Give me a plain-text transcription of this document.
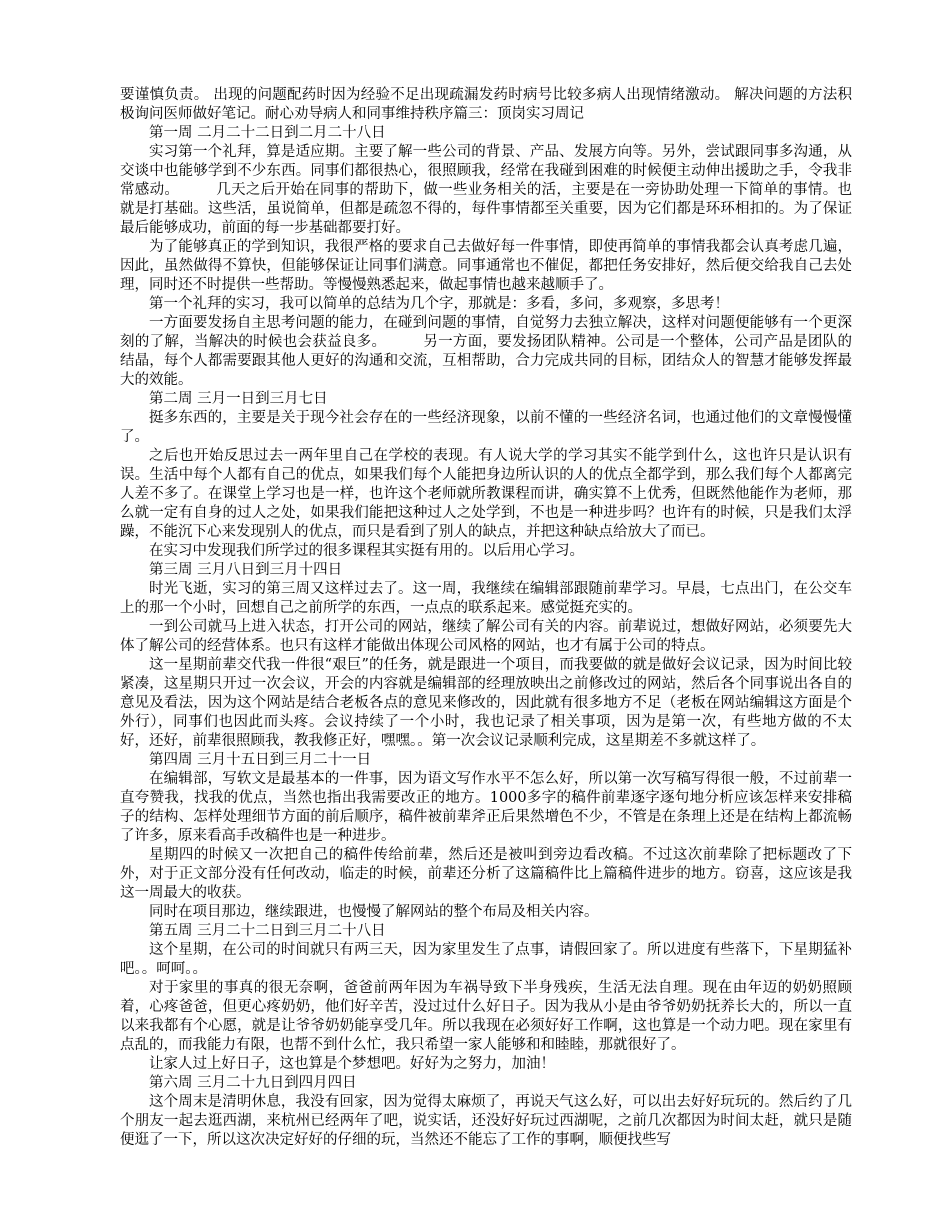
要谨慎负责。 出现的问题配药时因为经验不足出现疏漏发药时病号比较多病人出现情绪激动。 解决问题的方法积极询问医师做好笔记。耐心劝导病人和同事维持秩序篇三：顶岗实习周记

第一周 二月二十二日到二月二十八日

实习第一个礼拜，算是适应期。主要了解一些公司的背景、产品、发展方向等。另外，尝试跟同事多沟通，从交谈中也能够学到不少东西。同事们都很热心，很照顾我，经常在我碰到困难的时候便主动伸出援助之手，令我非常感动。　　　几天之后开始在同事的帮助下，做一些业务相关的活，主要是在一旁协助处理一下简单的事情。也就是打基础。这些活，虽说简单，但都是疏忽不得的，每件事情都至关重要，因为它们都是环环相扣的。为了保证最后能够成功，前面的每一步基础都要打好。

为了能够真正的学到知识，我很严格的要求自己去做好每一件事情，即使再简单的事情我都会认真考虑几遍，因此，虽然做得不算快，但能够保证让同事们满意。同事通常也不催促，都把任务安排好，然后便交给我自己去处理，同时还不时提供一些帮助。等慢慢熟悉起来，做起事情也越来越顺手了。

第一个礼拜的实习，我可以简单的总结为几个字，那就是：多看，多问，多观察，多思考！

一方面要发扬自主思考问题的能力，在碰到问题的事情，自觉努力去独立解决，这样对问题便能够有一个更深刻的了解，当解决的时候也会获益良多。　　　另一方面，要发扬团队精神。公司是一个整体，公司产品是团队的结晶，每个人都需要跟其他人更好的沟通和交流，互相帮助，合力完成共同的目标，团结众人的智慧才能够发挥最大的效能。

第二周 三月一日到三月七日

挺多东西的，主要是关于现今社会存在的一些经济现象，以前不懂的一些经济名词，也通过他们的文章慢慢懂了。

之后也开始反思过去一两年里自己在学校的表现。有人说大学的学习其实不能学到什么，这也许只是认识有误。生活中每个人都有自己的优点，如果我们每个人能把身边所认识的人的优点全都学到，那么我们每个人都离完人差不多了。在课堂上学习也是一样，也许这个老师就所教课程而讲，确实算不上优秀，但既然他能作为老师，那么就一定有自身的过人之处，如果我们能把这种过人之处学到，不也是一种进步吗？也许有的时候，只是我们太浮躁，不能沉下心来发现别人的优点，而只是看到了别人的缺点，并把这种缺点给放大了而已。

在实习中发现我们所学过的很多课程其实挺有用的。以后用心学习。

第三周 三月八日到三月十四日

时光飞逝，实习的第三周又这样过去了。这一周，我继续在编辑部跟随前辈学习。早晨，七点出门，在公交车上的那一个小时，回想自己之前所学的东西，一点点的联系起来。感觉挺充实的。

一到公司就马上进入状态，打开公司的网站，继续了解公司有关的内容。前辈说过，想做好网站，必须要先大体了解公司的经营体系。也只有这样才能做出体现公司风格的网站，也才有属于公司的特点。

这一星期前辈交代我一件很“艰巨”的任务，就是跟进一个项目，而我要做的就是做好会议记录，因为时间比较紧凑，这星期只开过一次会议，开会的内容就是编辑部的经理放映出之前修改过的网站，然后各个同事说出各自的意见及看法，因为这个网站是结合老板各点的意见来修改的，因此就有很多地方不足（老板在网站编辑这方面是个外行），同事们也因此而头疼。会议持续了一个小时，我也记录了相关事项，因为是第一次，有些地方做的不太好，还好，前辈很照顾我，教我修正好，嘿嘿。。第一次会议记录顺利完成，这星期差不多就这样了。

第四周 三月十五日到三月二十一日

在编辑部，写软文是最基本的一件事，因为语文写作水平不怎么好，所以第一次写稿写得很一般，不过前辈一直夸赞我，找我的优点，当然也指出我需要改正的地方。1000多字的稿件前辈逐字逐句地分析应该怎样来安排稿子的结构、怎样处理细节方面的前后顺序，稿件被前辈斧正后果然增色不少，不管是在条理上还是在结构上都流畅了许多，原来看高手改稿件也是一种进步。

星期四的时候又一次把自己的稿件传给前辈，然后还是被叫到旁边看改稿。不过这次前辈除了把标题改了下外，对于正文部分没有任何改动，临走的时候，前辈还分析了这篇稿件比上篇稿件进步的地方。窃喜，这应该是我这一周最大的收获。

同时在项目那边，继续跟进，也慢慢了解网站的整个布局及相关内容。

第五周 三月二十二日到三月二十八日

这个星期，在公司的时间就只有两三天，因为家里发生了点事，请假回家了。所以进度有些落下，下星期猛补吧。。呵呵。。

对于家里的事真的很无奈啊，爸爸前两年因为车祸导致下半身残疾，生活无法自理。现在由年迈的奶奶照顾着，心疼爸爸，但更心疼奶奶，他们好辛苦，没过过什么好日子。因为我从小是由爷爷奶奶抚养长大的，所以一直以来我都有个心愿，就是让爷爷奶奶能享受几年。所以我现在必须好好工作啊，这也算是一个动力吧。现在家里有点乱的，而我能力有限，也帮不到什么忙，我只希望一家人能够和和睦睦，那就很好了。

让家人过上好日子，这也算是个梦想吧。好好为之努力，加油！

第六周 三月二十九日到四月四日

这个周末是清明休息，我没有回家，因为觉得太麻烦了，再说天气这么好，可以出去好好玩玩的。然后约了几个朋友一起去逛西湖，来杭州已经两年了吧，说实话，还没好好玩过西湖呢，之前几次都因为时间太赶，就只是随便逛了一下，所以这次决定好好的仔细的玩，当然还不能忘了工作的事啊，顺便找些写
